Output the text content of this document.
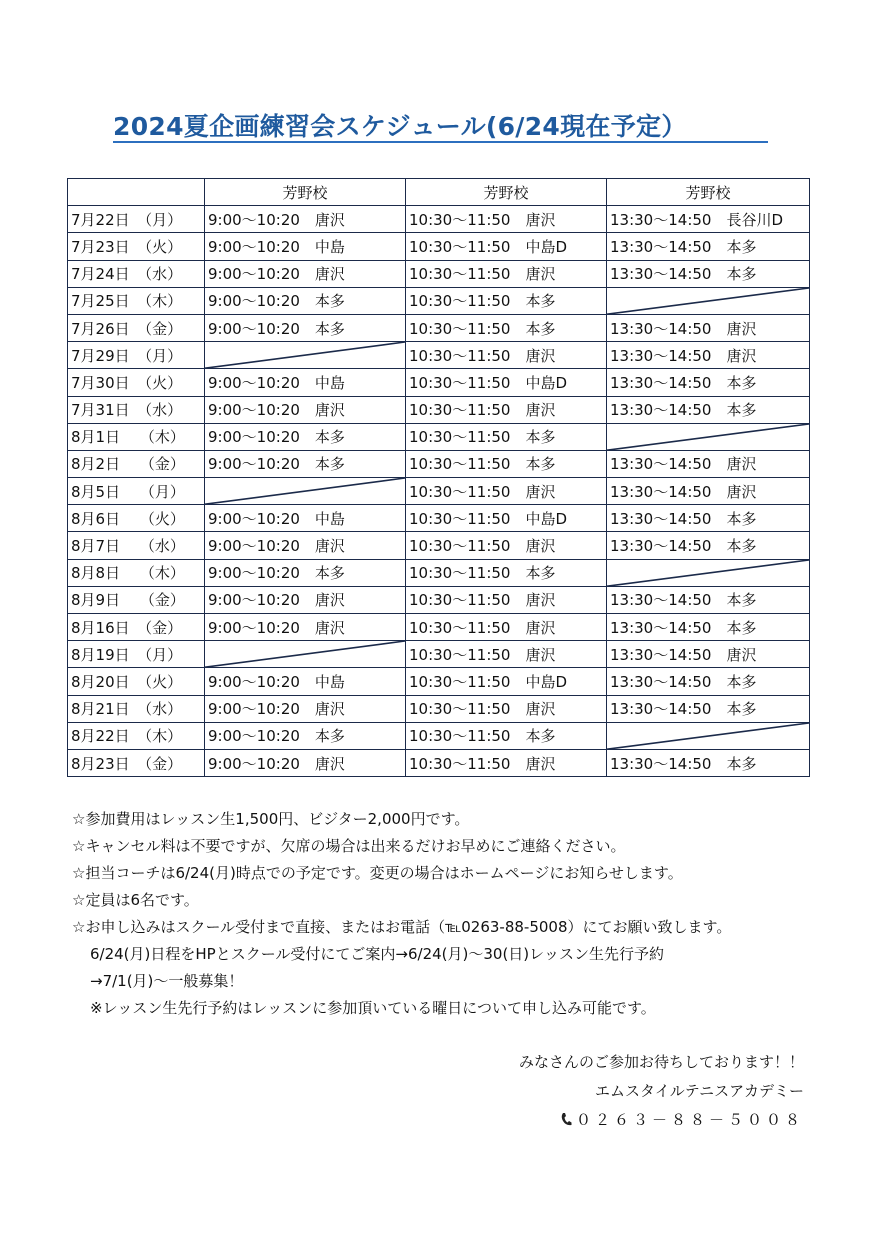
2024夏企画練習会スケジュール(6/24現在予定）
	芳野校	芳野校	芳野校
7月22日　（月）	9:00～10:20　唐沢	10:30～11:50　唐沢	13:30～14:50　長谷川D
7月23日　（火）	9:00～10:20　中島	10:30～11:50　中島D	13:30～14:50　本多
7月24日　（水）	9:00～10:20　唐沢	10:30～11:50　唐沢	13:30～14:50　本多
7月25日　（木）	9:00～10:20　本多	10:30～11:50　本多	

7月26日　（金）	9:00～10:20　本多	10:30～11:50　本多	13:30～14:50　唐沢
7月29日　（月）		10:30～11:50　唐沢	13:30～14:50　唐沢
7月30日　（火）	9:00～10:20　中島	10:30～11:50　中島D	13:30～14:50　本多
7月31日　（水）	9:00～10:20　唐沢	10:30～11:50　唐沢	13:30～14:50　本多
8月1日　 （木）	9:00～10:20　本多	10:30～11:50　本多	

8月2日　 （金）	9:00～10:20　本多	10:30～11:50　本多	13:30～14:50　唐沢
8月5日　 （月）		10:30～11:50　唐沢	13:30～14:50　唐沢
8月6日　 （火）	9:00～10:20　中島	10:30～11:50　中島D	13:30～14:50　本多
8月7日　 （水）	9:00～10:20　唐沢	10:30～11:50　唐沢	13:30～14:50　本多
8月8日　 （木）	9:00～10:20　本多	10:30～11:50　本多	

8月9日　 （金）	9:00～10:20　唐沢	10:30～11:50　唐沢	13:30～14:50　本多
8月16日　（金）	9:00～10:20　唐沢	10:30～11:50　唐沢	13:30～14:50　本多
8月19日　（月）		10:30～11:50　唐沢	13:30～14:50　唐沢
8月20日　（火）	9:00～10:20　中島	10:30～11:50　中島D	13:30～14:50　本多
8月21日　（水）	9:00～10:20　唐沢	10:30～11:50　唐沢	13:30～14:50　本多
8月22日　（木）	9:00～10:20　本多	10:30～11:50　本多	

8月23日　（金）	9:00～10:20　唐沢	10:30～11:50　唐沢	13:30～14:50　本多
☆参加費用はレッスン生1,500円、ビジター2,000円です。
☆キャンセル料は不要ですが、欠席の場合は出来るだけお早めにご連絡ください。
☆担当コーチは6/24(月)時点での予定です。変更の場合はホームページにお知らせします。
☆定員は6名です。
☆お申し込みはスクール受付まで直接、またはお電話（℡0263-88-5008）にてお願い致します。
6/24(月)日程をHPとスクール受付にてご案内→6/24(月)～30(日)レッスン生先行予約
→7/1(月)～一般募集！
※レッスン生先行予約はレッスンに参加頂いている曜日について申し込み可能です。
みなさんのご参加お待ちしております！！
エムスタイルテニスアカデミー
０２６３－８８－５００８
